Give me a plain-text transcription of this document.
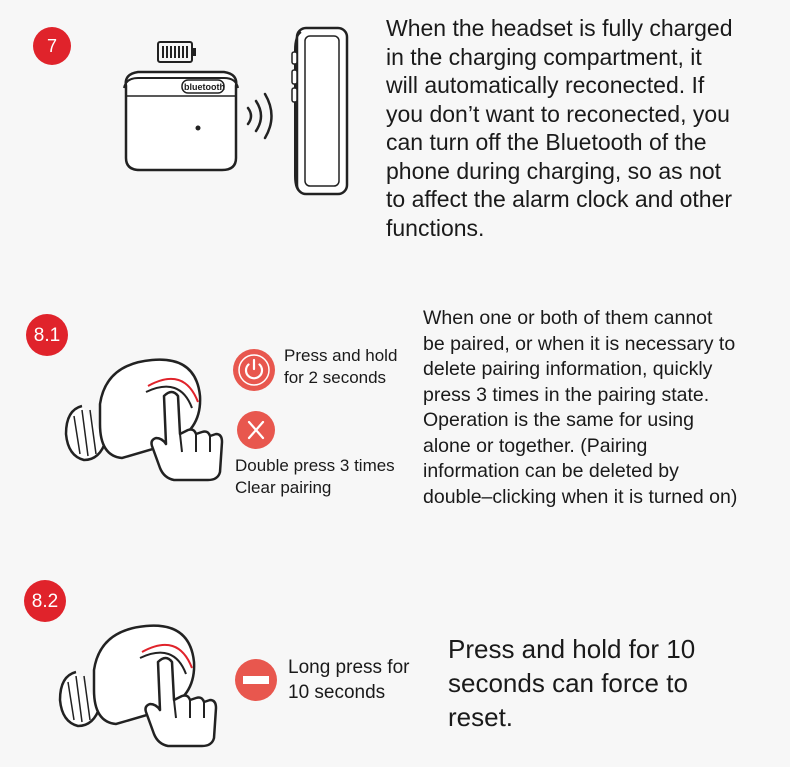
7
bluetooth
When the headset is fully charged
in the charging compartment, it
will automatically reconected. If
you don’t want to reconected, you
can turn off the Bluetooth of the
phone during charging, so as not
to affect the alarm clock and other
functions.
8.1
Press and hold
for 2 seconds
Double press 3 times
Clear pairing
When one or both of them cannot
be paired, or when it is necessary to
delete pairing information, quickly
press 3 times in the pairing state.
Operation is the same for using
alone or together. (Pairing
information can be deleted by
double–clicking when it is turned on)
8.2
Long press for
10 seconds
Press and hold for 10
seconds can force to
reset.
